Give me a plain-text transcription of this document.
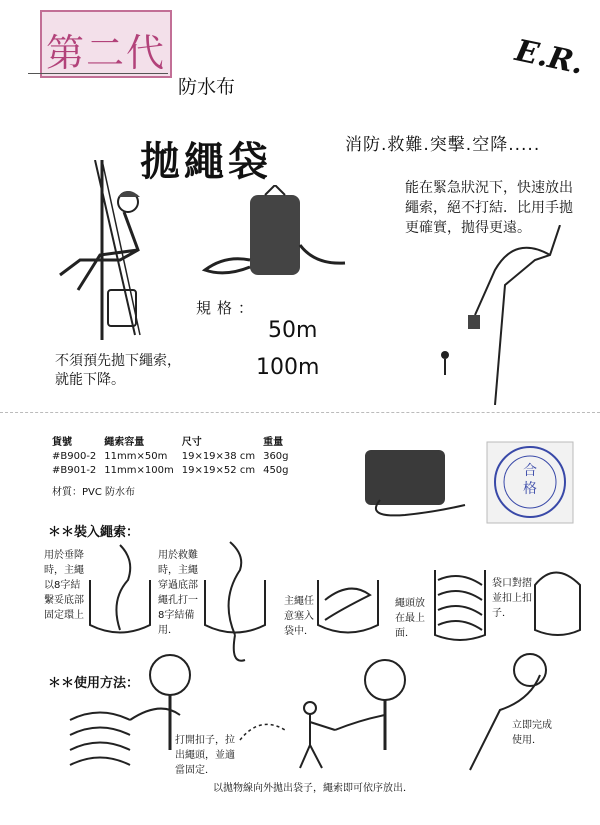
第二代
防水布
拋繩袋	消防.救難.突擊.空降.....
E.R.
能在緊急狀況下，快速放出繩索，絕不打結．比用手拋更確實，拋得更遠。
不須預先拋下繩索，就能下降。
規格：
50m
100m
貨號	繩索容量	尺寸	重量
#B900-2	11mm×50m	19×19×38 cm	360g
#B901-2	11mm×100m	19×19×52 cm	450g
材質：PVC 防水布
合格
＊＊裝入繩索：
用於垂降時，主繩以8字結繫妥底部固定環上
用於救難時，主繩穿過底部繩孔打一8字結備用．
主繩任意塞入袋中．
繩頭放在最上面．
袋口對摺並扣上扣子．
＊＊使用方法：
打開扣子，拉出繩頭，並適當固定．
以拋物線向外拋出袋子，繩索即可依序放出．
立即完成使用．
